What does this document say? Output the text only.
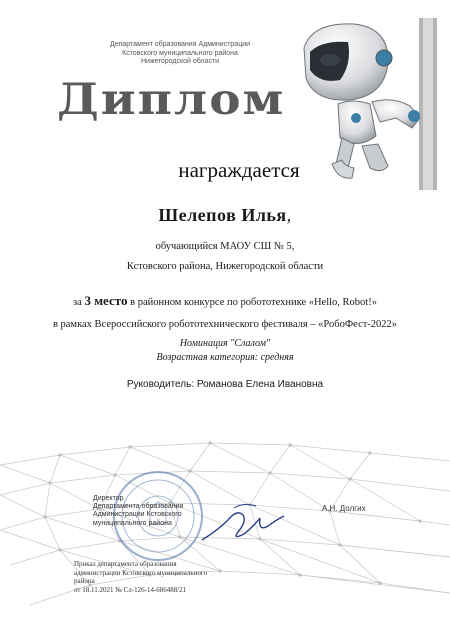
Департамент образования Администрации
Кстовского муниципального района
Нижегородской области
Диплом
награждается
Шелепов Илья,
обучающийся МАОУ СШ № 5,
Кстовского района, Нижегородской области
за 3 место в районном конкурсе по робототехнике «Hello, Robot!»
в рамках Всероссийского робототехнического фестиваля – «РобоФест-2022»
Номинация "Слалом"
Возрастная категория: средняя
Руководитель: Романова Елена Ивановна
Директор
Департамента образования
Администрации Кстовского
муниципального района
А.Н. Долгих
Приказ департамента образования
администрации Кстовского муниципального
района
от 18.11.2021 № Сл-126-14-686488/21
